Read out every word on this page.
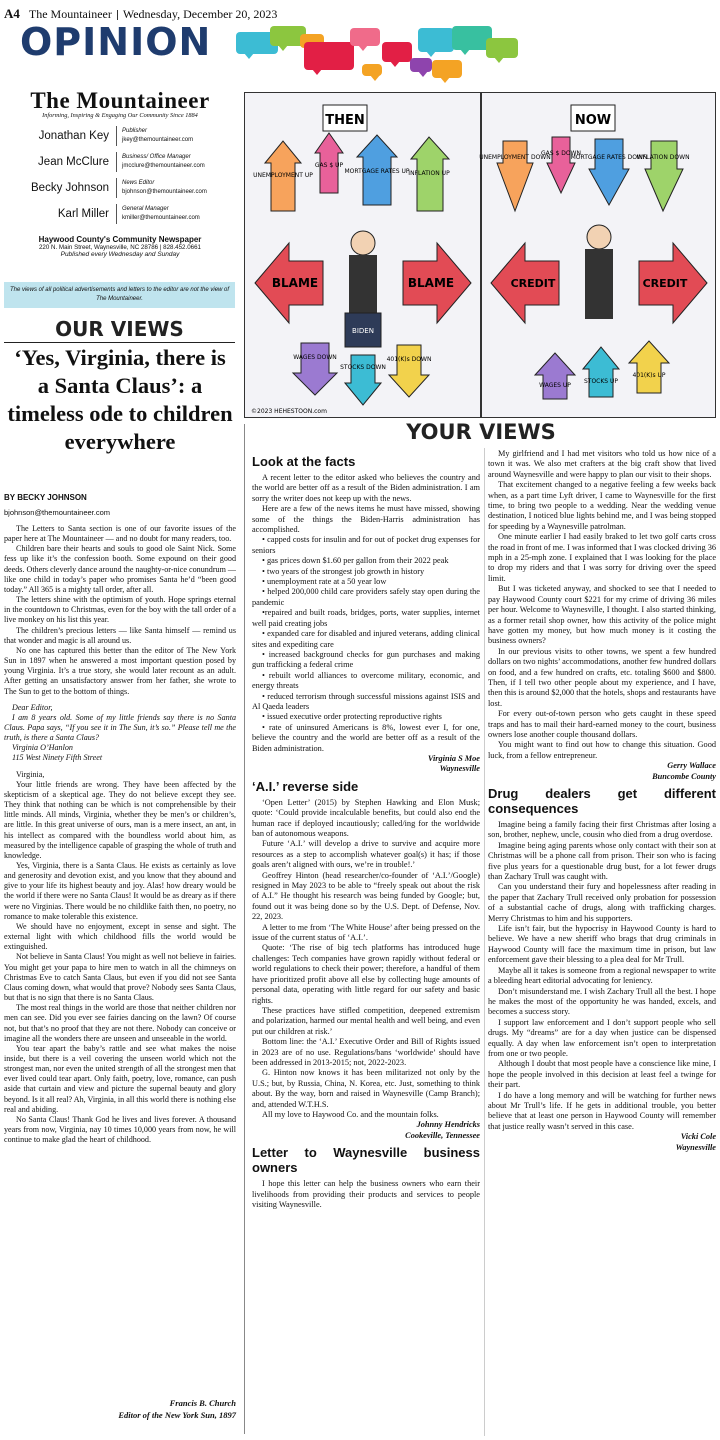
A4 The Mountaineer Wednesday, December 20, 2023
OPINION
The Mountaineer
Informing, Inspiring & Engaging Our Community Since 1884
Jonathan Key	Publisher
jkey@themountaineer.com
Jean McClure	Business/ Office Manager
jmcclure@themountaineer.com
Becky Johnson	News Editor
bjohnson@themountaineer.com
Karl Miller	General Manager
kmiller@themountaineer.com
Haywood County's Community Newspaper
220 N. Main Street, Waynesville, NC 28786 | 828.452.0661
Published every Wednesday and Sunday
The views of all political advertisements and letters to the editor are not the view of The Mountaineer.
OUR VIEWS
‘Yes, Virginia, there is a Santa Claus’: a timeless ode to children everywhere
BY BECKY JOHNSON
bjohnson@themountaineer.com

The Letters to Santa section is one of our favorite issues of the paper here at The Mountaineer — and no doubt for many readers, too.

Children bare their hearts and souls to good ole Saint Nick. Some fess up like it’s the confession booth. Some expound on their good deeds. Others cleverly dance around the naughty-or-nice conundrum — like one child in today’s paper who promises Santa he’d “been good today.” All 365 is a mighty tall order, after all.

The letters shine with the optimism of youth. Hope springs eternal in the countdown to Christmas, even for the boy with the tall order of a live monkey on his list this year.

The children’s precious letters — like Santa himself — remind us that wonder and magic is all around us.

No one has captured this better than the editor of The New York Sun in 1897 when he answered a most important question posed by young Virginia. It’s a true story, she would later recount as an adult. After getting an unsatisfactory answer from her father, she wrote to The Sun to get to the bottom of things.

Dear Editor,

I am 8 years old. Some of my little friends say there is no Santa Claus. Papa says, “If you see it in The Sun, it’s so.” Please tell me the truth, is there a Santa Claus?

Virginia O’Hanlon

115 West Ninety Fifth Street

Virginia,

Your little friends are wrong. They have been affected by the skepticism of a skeptical age. They do not believe except they see. They think that nothing can be which is not comprehensible by their little minds. All minds, Virginia, whether they be men’s or children’s, are little. In this great universe of ours, man is a mere insect, an ant, in his intellect as compared with the boundless world about him, as measured by the intelligence capable of grasping the whole of truth and knowledge.

Yes, Virginia, there is a Santa Claus. He exists as certainly as love and generosity and devotion exist, and you know that they abound and give to your life its highest beauty and joy. Alas! how dreary would be the world if there were no Santa Claus! It would be as dreary as if there were no Virginias. There would be no childlike faith then, no poetry, no romance to make tolerable this existence.

We should have no enjoyment, except in sense and sight. The external light with which childhood fills the world would be extinguished.

Not believe in Santa Claus! You might as well not believe in fairies. You might get your papa to hire men to watch in all the chimneys on Christmas Eve to catch Santa Claus, but even if you did not see Santa Claus coming down, what would that prove? Nobody sees Santa Claus, but that is no sign that there is no Santa Claus.

The most real things in the world are those that neither children nor men can see. Did you ever see fairies dancing on the lawn? Of course not, but that’s no proof that they are not there. Nobody can conceive or imagine all the wonders there are unseen and unseeable in the world.

You tear apart the baby’s rattle and see what makes the noise inside, but there is a veil covering the unseen world which not the strongest man, nor even the united strength of all the strongest men that ever lived could tear apart. Only faith, poetry, love, romance, can push aside that curtain and view and picture the supernal beauty and glory beyond. Is it all real? Ah, Virginia, in all this world there is nothing else real and abiding.

No Santa Claus! Thank God he lives and lives forever. A thousand years from now, Virginia, nay 10 times 10,000 years from now, he will continue to make glad the heart of childhood.

Francis B. Church
Editor of the New York Sun, 1897
THEN
UNEMPLOYMENT UP
GAS $ UP
MORTGAGE RATES UP
INFLATION UP
BLAME	BLAME
BIDEN
WAGES DOWN
STOCKS DOWN
401(K)s DOWN
NOW
UNEMPLOYMENT DOWN
GAS $ DOWN
MORTGAGE RATES DOWN
INFLATION DOWN
CREDIT	CREDIT
WAGES UP
STOCKS UP
401(K)s UP
©2023 HEHESTOON.com
YOUR VIEWS
Look at the facts

A recent letter to the editor asked who believes the country and the world are better off as a result of the Biden administration. I am sorry the writer does not keep up with the news.

Here are a few of the news items he must have missed, showing some of the things the Biden-Harris administration has accomplished.

• capped costs for insulin and for out of pocket drug expenses for seniors

• gas prices down $1.60 per gallon from their 2022 peak

• two years of the strongest job growth in history

• unemployment rate at a 50 year low

• helped 200,000 child care providers safely stay open during the pandemic

•repaired and built roads, bridges, ports, water supplies, internet well paid creating jobs

• expanded care for disabled and injured veterans, adding clinical sites and expediting care

• increased background checks for gun purchases and making gun trafficking a federal crime

• rebuilt world alliances to overcome military, economic, and energy threats

• reduced terrorism through successful missions against ISIS and Al Qaeda leaders

• issued executive order protecting reproductive rights

• rate of uninsured Americans is 8%, lowest ever I, for one, believe the country and the world are better off as a result of the Biden administration.

Virginia S Moe

Waynesville

‘A.I.’ reverse side

‘Open Letter’ (2015) by Stephen Hawking and Elon Musk; quote: ‘Could provide incalculable benefits, but could also end the human race if deployed incautiously; called/ing for the worldwide ban of autonomous weapons.

Future ‘A.I.’ will develop a drive to survive and acquire more resources as a step to accomplish whatever goal(s) it has; if those goals aren’t aligned with ours, we’re in trouble!.’

Geoffrey Hinton (head researcher/co-founder of ‘A.I.’/Google) resigned in May 2023 to be able to “freely speak out about the risk of A.I.” He thought his research was being funded by Google; but, found out it was being done so by the U.S. Dept. of Defense, Nov. 22, 2023.

A letter to me from ‘The White House’ after being pressed on the issue of the current status of ‘A.I.’.

Quote: ‘The rise of big tech platforms has introduced huge challenges: Tech companies have grown rapidly without federal or world regulations to check their power; therefore, a handful of them have prioritized profit above all else by collecting huge amounts of personal data, operating with little regard for our safety and basic rights.

These practices have stifled competition, deepened extremism and polarization, harmed our mental health and well being, and even put our children at risk.’

Bottom line: the ‘A.I.’ Executive Order and Bill of Rights issued in 2023 are of no use. Regulations/bans ‘worldwide’ should have been addressed in 2013-2015; not, 2022-2023.

G. Hinton now knows it has been militarized not only by the U.S.; but, by Russia, China, N. Korea, etc. Just, something to think about. By the way, born and raised in Waynesville (Camp Branch); and, attended W.T.H.S.

All my love to Haywood Co. and the mountain folks.

Johnny Hendricks

Cookeville, Tennessee

Letter to Waynesville business owners

I hope this letter can help the business owners who earn their livelihoods from providing their products and services to people visiting Waynesville.

My girlfriend and I had met visitors who told us how nice of a town it was. We also met crafters at the big craft show that lived around Waynesville and were happy to plan our visit to their shops.

That excitement changed to a negative feeling a few weeks back when, as a part time Lyft driver, I came to Waynesville for the first time, to bring two people to a wedding. Near the wedding venue destination, I noticed blue lights behind me, and I was being stopped for speeding by a Waynesville patrolman.

One minute earlier I had easily braked to let two golf carts cross the road in front of me. I was informed that I was clocked driving 36 mph in a 25-mph zone. I explained that I was looking for the place to drop my riders and that I was sorry for driving over the speed limit.

But I was ticketed anyway, and shocked to see that I needed to pay Haywood County court $221 for my crime of driving 36 miles per hour. Welcome to Waynesville, I thought. I also started thinking, as a former retail shop owner, how this activity of the police might have gotten my money, but how much money is it costing the business owners?

In our previous visits to other towns, we spent a few hundred dollars on two nights’ accommodations, another few hundred dollars on food, and a few hundred on crafts, etc. totaling $600 and $800. Then, if I tell two other people about my experience, and I have, then this is around $2,000 that the hotels, shops and restaurants have lost.

For every out-of-town person who gets caught in these speed traps and has to mail their hard-earned money to the court, business owners lose another couple thousand dollars.

You might want to find out how to change this situation. Good luck, from a fellow entrepreneur.

Gerry Wallace

Buncombe County

Drug dealers get different consequences

Imagine being a family facing their first Christmas after losing a son, brother, nephew, uncle, cousin who died from a drug overdose.

Imagine being aging parents whose only contact with their son at Christmas will be a phone call from prison. Their son who is facing five plus years for a questionable drug bust, for a lot fewer drugs than Zachary Trull was caught with.

Can you understand their fury and hopelessness after reading in the paper that Zachary Trull received only probation for possession of a substantial cache of drugs, along with trafficking charges. Merry Christmas to him and his supporters.

Life isn’t fair, but the hypocrisy in Haywood County is hard to believe. We have a new sheriff who brags that drug criminals in Haywood County will face the maximum time in prison, but law enforcement gave their blessing to a plea deal for Mr Trull.

Maybe all it takes is someone from a regional newspaper to write a bleeding heart editorial advocating for leniency.

Don’t misunderstand me. I wish Zachary Trull all the best. I hope he makes the most of the opportunity he was handed, excels, and becomes a success story.

I support law enforcement and I don’t support people who sell drugs. My “dreams” are for a day when justice can be dispensed equally. A day when law enforcement isn’t open to interpretation from one or two people.

Although I doubt that most people have a conscience like mine, I hope the people involved in this decision at least feel a twinge for their part.

I do have a long memory and will be watching for further news about Mr Trull’s life. If he gets in additional trouble, you better believe that at least one person in Haywood County will remember that justice really wasn’t served in this case.

Vicki Cole

Waynesville
